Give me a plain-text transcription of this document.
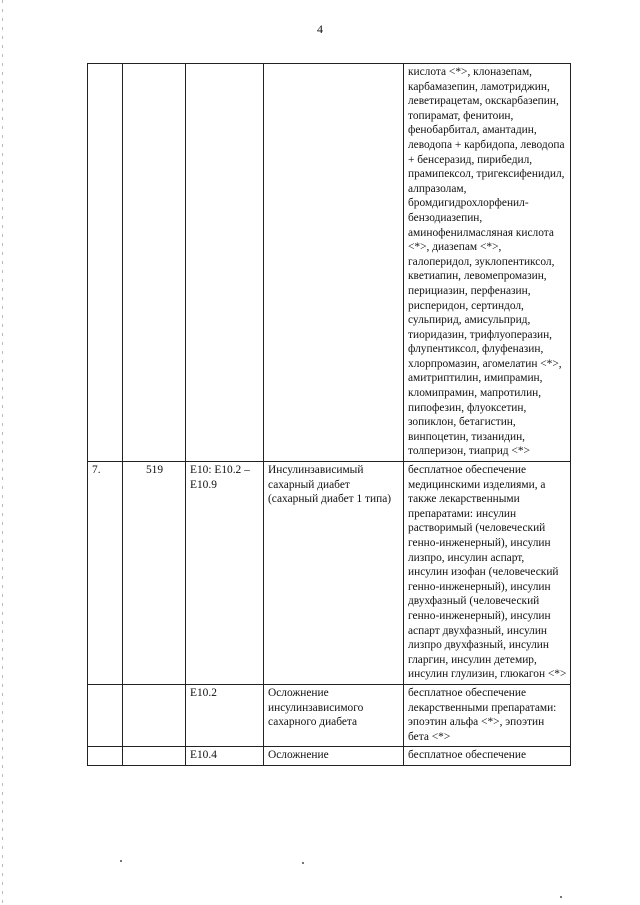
4
				кислота <*>, клоназепам, карбамазепин, ламотриджин, леветирацетам, окскарбазепин, топирамат, фенитоин, фенобарбитал, амантадин, леводопа + карбидопа, леводопа + бенсеразид, пирибедил, прамипексол, тригексифенидил, алпразолам, бромдигидрохлорфенил-бензодиазепин, аминофенилмасляная кислота <*>, диазепам <*>, галоперидол, зуклопентиксол, кветиапин, левомепромазин, перициазин, перфеназин, рисперидон, сертиндол, сульпирид, амисульприд, тиоридазин, трифлуоперазин, флупентиксол, флуфеназин, хлорпромазин, агомелатин <*>, амитриптилин, имипрамин, кломипрамин, мапротилин, пипофезин, флуоксетин, зопиклон, бетагистин, винпоцетин, тизанидин, толперизон, тиаприд <*>
7.	519	Е10: Е10.2 – Е10.9	Инсулинзависимый сахарный диабет (сахарный диабет 1 типа)	бесплатное обеспечение медицинскими изделиями, а также лекарственными препаратами: инсулин растворимый (человеческий генно-инженерный), инсулин лизпро, инсулин аспарт, инсулин изофан (человеческий генно-инженерный), инсулин двухфазный (человеческий генно-инженерный), инсулин аспарт двухфазный, инсулин лизпро двухфазный, инсулин гларгин, инсулин детемир, инсулин глулизин, глюкагон <*>
		Е10.2	Осложнение инсулинзависимого сахарного диабета	бесплатное обеспечение лекарственными препаратами: эпоэтин альфа <*>, эпоэтин бета <*>
		Е10.4	Осложнение	бесплатное обеспечение
